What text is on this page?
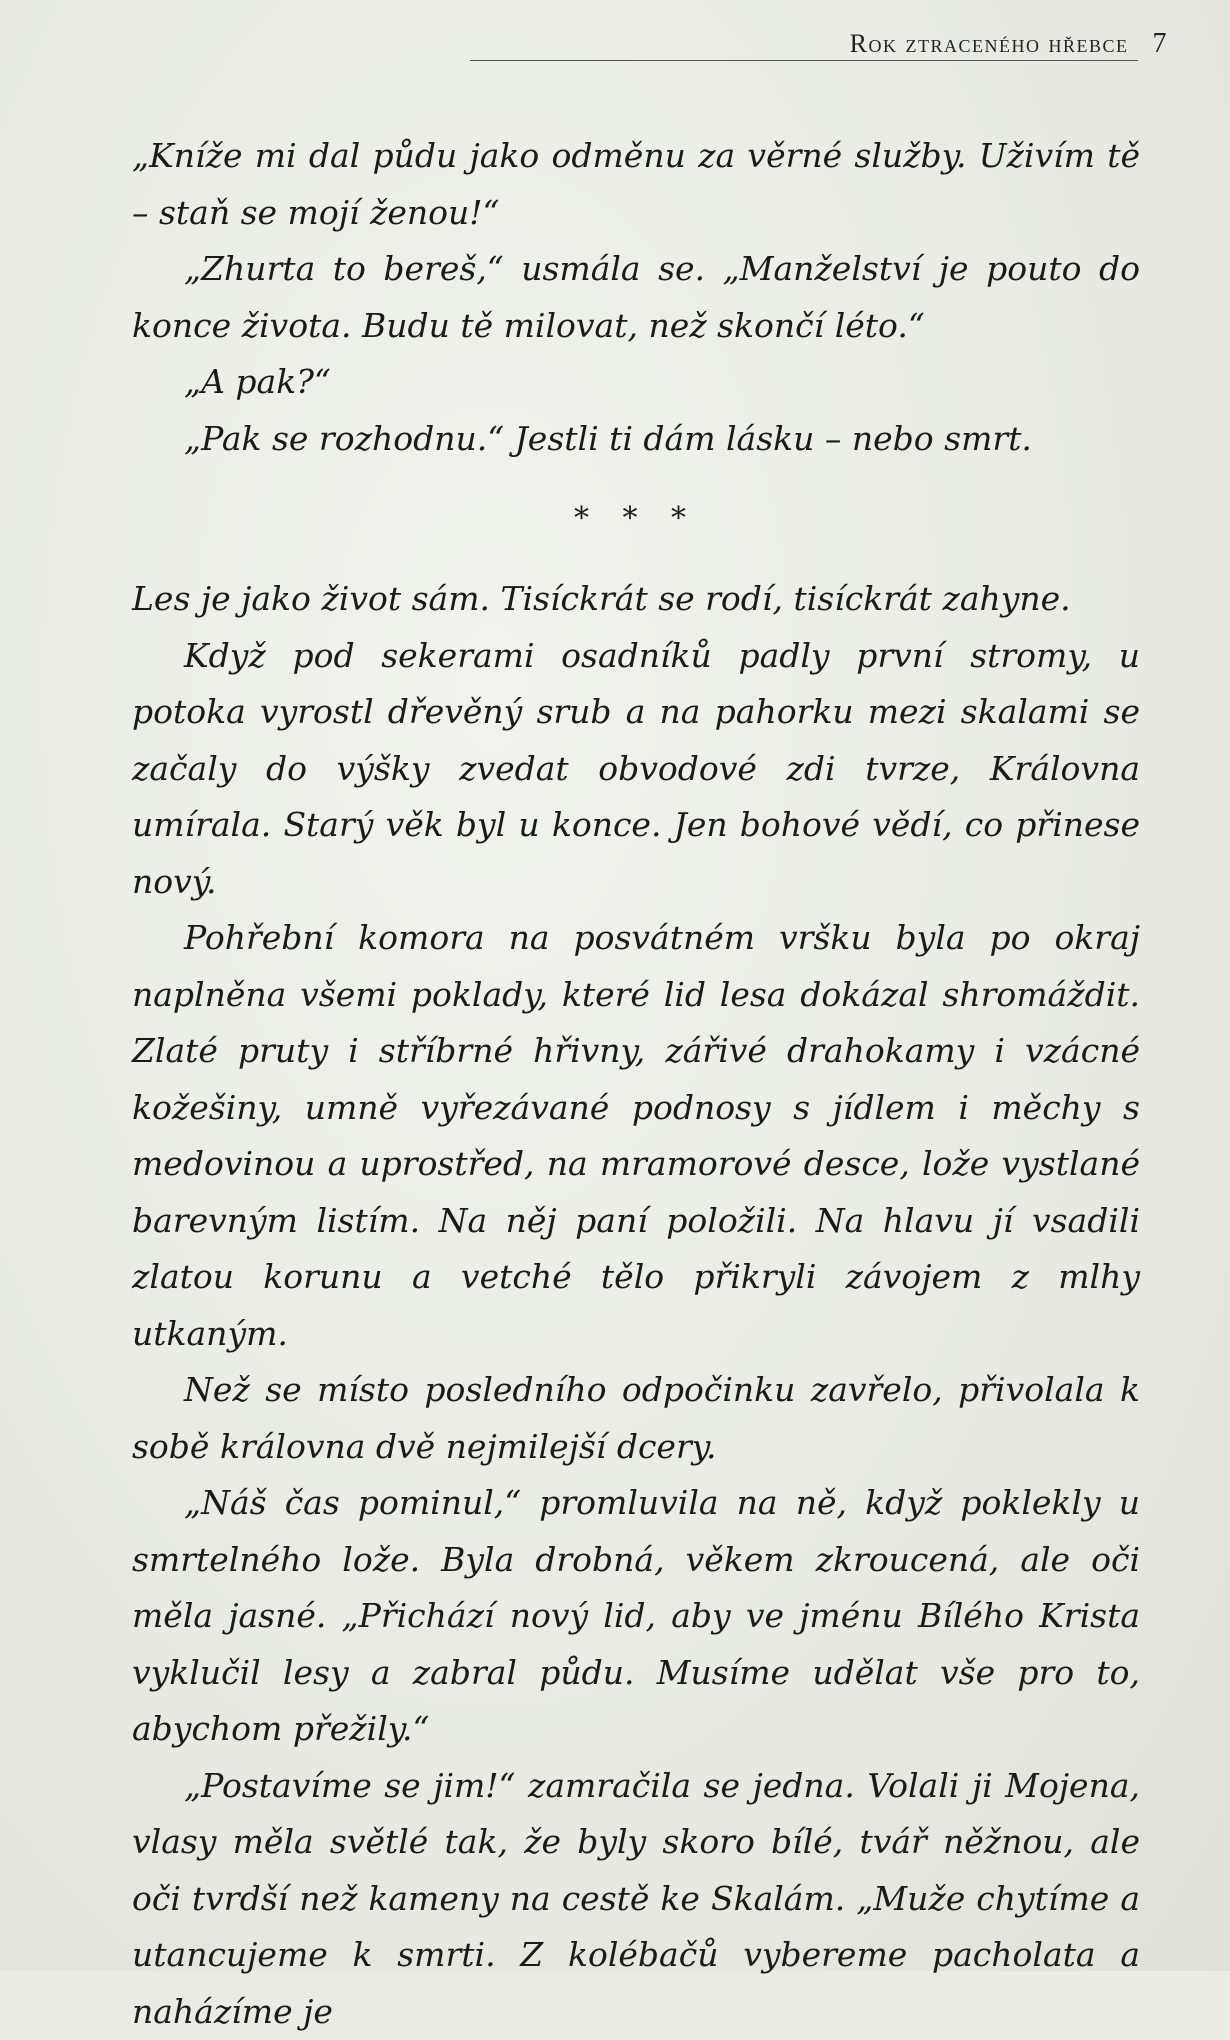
Rok ztraceného hřebce 7

„Kníže mi dal půdu jako odměnu za věrné služby. Uživím tě – staň se mojí ženou!“

„Zhurta to bereš,“ usmála se. „Manželství je pouto do konce života. Budu tě milovat, než skončí léto.“

„A pak?“

„Pak se rozhodnu.“ Jestli ti dám lásku – nebo smrt.

* * *

Les je jako život sám. Tisíckrát se rodí, tisíckrát zahyne.

Když pod sekerami osadníků padly první stromy, u potoka vyrostl dřevěný srub a na pahorku mezi skalami se začaly do výšky zvedat obvodové zdi tvrze, Královna umírala. Starý věk byl u konce. Jen bohové vědí, co přinese nový.

Pohřební komora na posvátném vršku byla po okraj naplněna všemi poklady, které lid lesa dokázal shromáždit. Zlaté pruty i stříbrné hřivny, zářivé drahokamy i vzácné kožešiny, umně vyřezávané podnosy s jídlem i měchy s medovinou a uprostřed, na mramorové desce, lože vystlané barevným listím. Na něj paní položili. Na hlavu jí vsadili zlatou korunu a vetché tělo přikryli závojem z mlhy utkaným.

Než se místo posledního odpočinku zavřelo, přivolala k sobě královna dvě nejmilejší dcery.

„Náš čas pominul,“ promluvila na ně, když poklekly u smrtelného lože. Byla drobná, věkem zkroucená, ale oči měla jasné. „Přichází nový lid, aby ve jménu Bílého Krista vyklučil lesy a zabral půdu. Musíme udělat vše pro to, abychom přežily.“

„Postavíme se jim!“ zamračila se jedna. Volali ji Mojena, vlasy měla světlé tak, že byly skoro bílé, tvář něžnou, ale oči tvrdší než kameny na cestě ke Skalám. „Muže chytíme a utancujeme k smrti. Z kolébačů vybereme pacholata a naházíme je
